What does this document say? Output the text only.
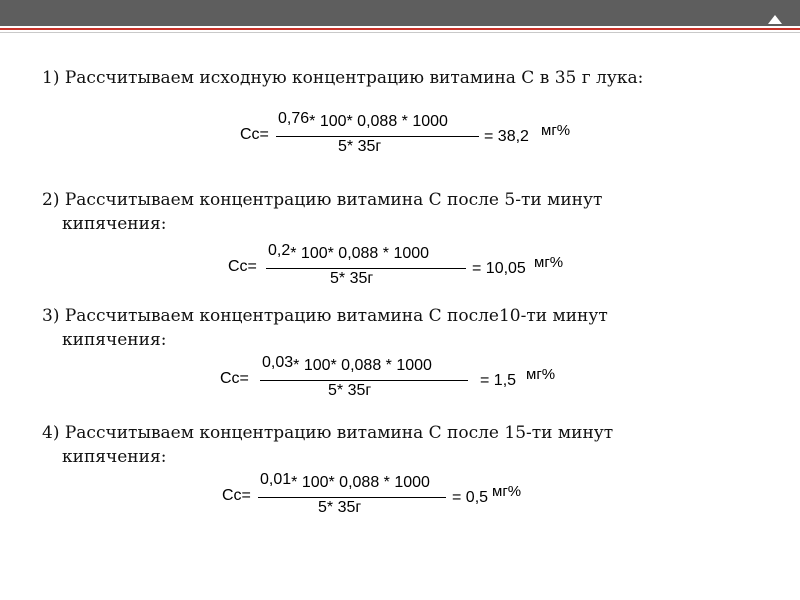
1) Рассчитываем исходную концентрацию витамина С в 35 г лука:

Сс=
0,76* 100* 0,088 * 1000
5* 35г
= 38,2 мг%

2) Рассчитываем концентрацию витамина С после 5-ти минут
кипячения:

Сс=
0,2* 100* 0,088 * 1000
5* 35г
= 10,05 мг%

3) Рассчитываем концентрацию витамина С после10-ти минут
кипячения:

Сс=
0,03* 100* 0,088 * 1000
5* 35г
= 1,5 мг%

4) Рассчитываем концентрацию витамина С после 15-ти минут
кипячения:

Сс=
0,01* 100* 0,088 * 1000
5* 35г
= 0,5 мг%
